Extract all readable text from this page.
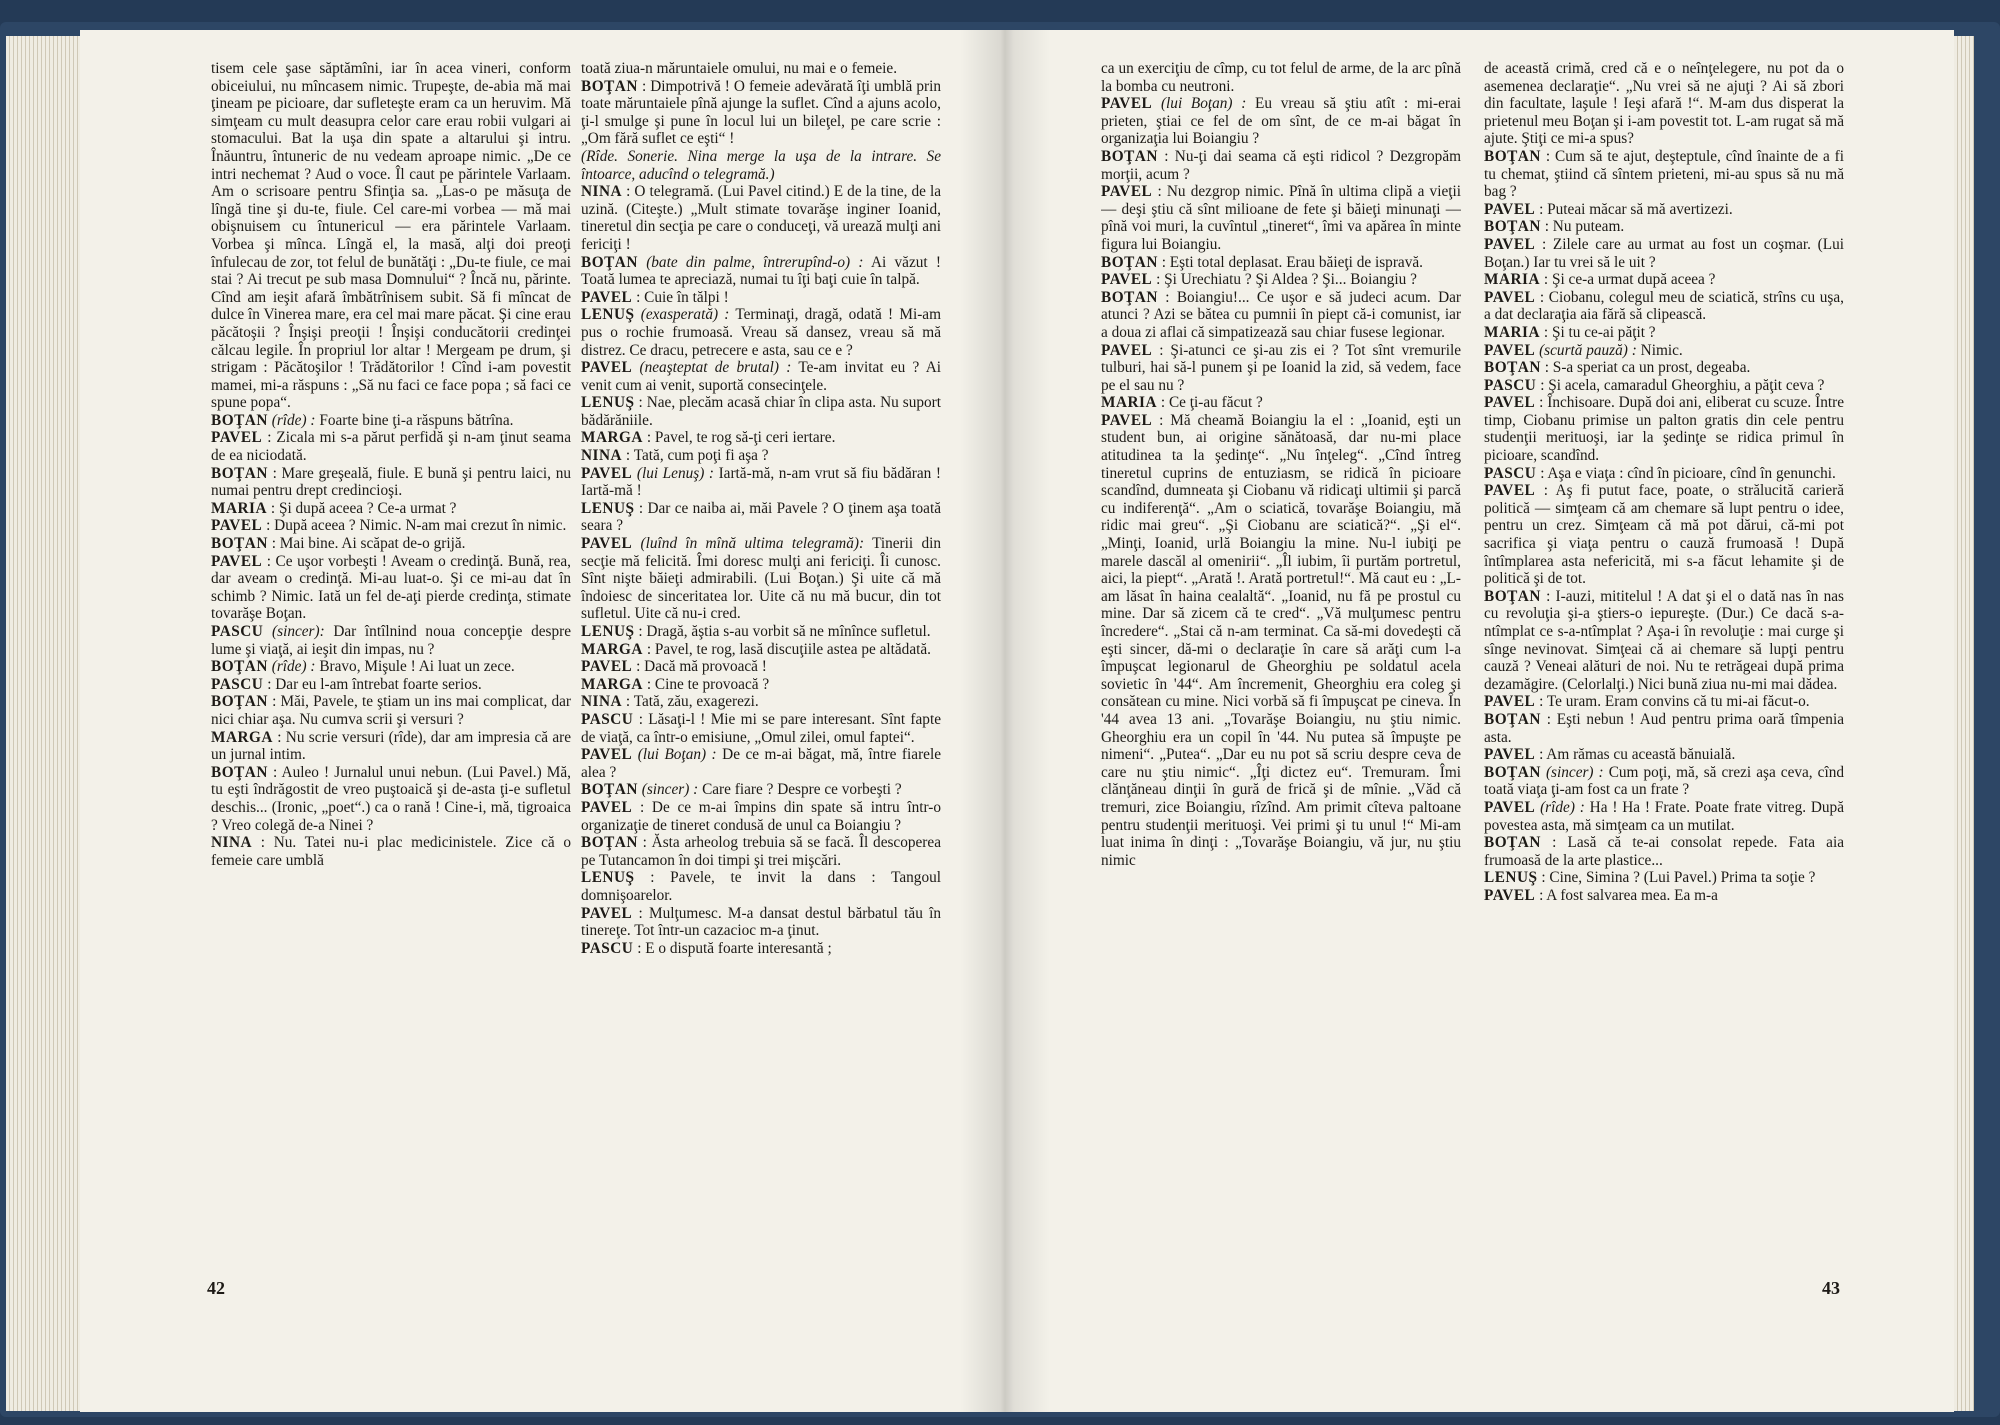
tisem cele şase săptămîni, iar în acea vineri, conform obiceiului, nu mîncasem nimic. Trupeşte, de-abia mă mai ţineam pe picioare, dar sufleteşte eram ca un heruvim. Mă simţeam cu mult deasupra celor care erau robii vulgari ai stomacului. Bat la uşa din spate a altarului şi intru. Înăuntru, întuneric de nu vedeam aproape nimic. „De ce intri nechemat ? Aud o voce. Îl caut pe părintele Varlaam. Am o scrisoare pentru Sfinţia sa. „Las-o pe măsuţa de lîngă tine şi du-te, fiule. Cel care-mi vorbea — mă mai obişnuisem cu întunericul — era părintele Varlaam. Vorbea şi mînca. Lîngă el, la masă, alţi doi preoţi înfulecau de zor, tot felul de bunătăţi : „Du-te fiule, ce mai stai ? Ai trecut pe sub masa Domnului“ ? Încă nu, părinte. Cînd am ieşit afară îmbătrînisem subit. Să fi mîncat de dulce în Vinerea mare, era cel mai mare păcat. Şi cine erau păcătoşii ? Înşişi preoţii ! Înşişi conducătorii credinţei călcau legile. În propriul lor altar ! Mergeam pe drum, şi strigam : Păcătoşilor ! Trădătorilor ! Cînd i-am povestit mamei, mi-a răspuns : „Să nu faci ce face popa ; să faci ce spune popa“.

BOŢAN (rîde) : Foarte bine ţi-a răspuns bătrîna.

PAVEL : Zicala mi s-a părut perfidă şi n-am ţinut seama de ea niciodată.

BOŢAN : Mare greşeală, fiule. E bună şi pentru laici, nu numai pentru drept credincioşi.

MARIA : Şi după aceea ? Ce-a urmat ?

PAVEL : După aceea ? Nimic. N-am mai crezut în nimic.

BOŢAN : Mai bine. Ai scăpat de-o grijă.

PAVEL : Ce uşor vorbeşti ! Aveam o credinţă. Bună, rea, dar aveam o credinţă. Mi-au luat-o. Şi ce mi-au dat în schimb ? Nimic. Iată un fel de-aţi pierde credinţa, stimate tovarăşe Boţan.

PASCU (sincer): Dar întîlnind noua concepţie despre lume şi viaţă, ai ieşit din impas, nu ?

BOŢAN (rîde) : Bravo, Mişule ! Ai luat un zece.

PASCU : Dar eu l-am întrebat foarte serios.

BOŢAN : Măi, Pavele, te ştiam un ins mai complicat, dar nici chiar aşa. Nu cumva scrii şi versuri ?

MARGA : Nu scrie versuri (rîde), dar am impresia că are un jurnal intim.

BOŢAN : Auleo ! Jurnalul unui nebun. (Lui Pavel.) Mă, tu eşti îndrăgostit de vreo puştoaică şi de-asta ţi-e sufletul deschis... (Ironic, „poet“.) ca o rană ! Cine-i, mă, tigroaica ? Vreo colegă de-a Ninei ?

NINA : Nu. Tatei nu-i plac medicinistele. Zice că o femeie care umblă

toată ziua-n măruntaiele omului, nu mai e o femeie.

BOŢAN : Dimpotrivă ! O femeie adevărată îţi umblă prin toate măruntaiele pînă ajunge la suflet. Cînd a ajuns acolo, ţi-l smulge şi pune în locul lui un bileţel, pe care scrie : „Om fără suflet ce eşti“ !

(Rîde. Sonerie. Nina merge la uşa de la intrare. Se întoarce, aducînd o telegramă.)

NINA : O telegramă. (Lui Pavel citind.) E de la tine, de la uzină. (Citeşte.) „Mult stimate tovarăşe inginer Ioanid, tineretul din secţia pe care o conduceţi, vă urează mulţi ani fericiţi !

BOŢAN (bate din palme, întrerupînd-o) : Ai văzut ! Toată lumea te apreciază, numai tu îţi baţi cuie în talpă.

PAVEL : Cuie în tălpi !

LENUŞ (exasperată) : Terminaţi, dragă, odată ! Mi-am pus o rochie frumoasă. Vreau să dansez, vreau să mă distrez. Ce dracu, petrecere e asta, sau ce e ?

PAVEL (neaşteptat de brutal) : Te-am invitat eu ? Ai venit cum ai venit, suportă consecinţele.

LENUŞ : Nae, plecăm acasă chiar în clipa asta. Nu suport bădărăniile.

MARGA : Pavel, te rog să-ţi ceri iertare.

NINA : Tată, cum poţi fi aşa ?

PAVEL (lui Lenuş) : Iartă-mă, n-am vrut să fiu bădăran ! Iartă-mă !

LENUŞ : Dar ce naiba ai, măi Pavele ? O ţinem aşa toată seara ?

PAVEL (luînd în mînă ultima telegramă): Tinerii din secţie mă felicită. Îmi doresc mulţi ani fericiţi. Îi cunosc. Sînt nişte băieţi admirabili. (Lui Boţan.) Şi uite că mă îndoiesc de sinceritatea lor. Uite că nu mă bucur, din tot sufletul. Uite că nu-i cred.

LENUŞ : Dragă, ăştia s-au vorbit să ne mînînce sufletul.

MARGA : Pavel, te rog, lasă discuţiile astea pe altădată.

PAVEL : Dacă mă provoacă !

MARGA : Cine te provoacă ?

NINA : Tată, zău, exagerezi.

PASCU : Lăsaţi-l ! Mie mi se pare interesant. Sînt fapte de viaţă, ca într-o emisiune, „Omul zilei, omul faptei“.

PAVEL (lui Boţan) : De ce m-ai băgat, mă, între fiarele alea ?

BOŢAN (sincer) : Care fiare ? Despre ce vorbeşti ?

PAVEL : De ce m-ai împins din spate să intru într-o organizaţie de tineret condusă de unul ca Boiangiu ?

BOŢAN : Ăsta arheolog trebuia să se facă. Îl descoperea pe Tutancamon în doi timpi şi trei mişcări.

LENUŞ : Pavele, te invit la dans : Tangoul domnişoarelor.

PAVEL : Mulţumesc. M-a dansat destul bărbatul tău în tinereţe. Tot într-un cazacioc m-a ţinut.

PASCU : E o dispută foarte interesantă ;

ca un exerciţiu de cîmp, cu tot felul de arme, de la arc pînă la bomba cu neutroni.

PAVEL (lui Boţan) : Eu vreau să ştiu atît : mi-erai prieten, ştiai ce fel de om sînt, de ce m-ai băgat în organizaţia lui Boiangiu ?

BOŢAN : Nu-ţi dai seama că eşti ridicol ? Dezgropăm morţii, acum ?

PAVEL : Nu dezgrop nimic. Pînă în ultima clipă a vieţii — deşi ştiu că sînt milioane de fete şi băieţi minunaţi — pînă voi muri, la cuvîntul „tineret“, îmi va apărea în minte figura lui Boiangiu.

BOŢAN : Eşti total deplasat. Erau băieţi de ispravă.

PAVEL : Şi Urechiatu ? Şi Aldea ? Şi... Boiangiu ?

BOŢAN : Boiangiu!... Ce uşor e să judeci acum. Dar atunci ? Azi se bătea cu pumnii în piept că-i comunist, iar a doua zi aflai că simpatizează sau chiar fusese legionar.

PAVEL : Şi-atunci ce şi-au zis ei ? Tot sînt vremurile tulburi, hai să-l punem şi pe Ioanid la zid, să vedem, face pe el sau nu ?

MARIA : Ce ţi-au făcut ?

PAVEL : Mă cheamă Boiangiu la el : „Ioanid, eşti un student bun, ai origine sănătoasă, dar nu-mi place atitudinea ta la şedinţe“. „Nu înţeleg“. „Cînd întreg tineretul cuprins de entuziasm, se ridică în picioare scandînd, dumneata şi Ciobanu vă ridicaţi ultimii şi parcă cu indiferenţă“. „Am o sciatică, tovarăşe Boiangiu, mă ridic mai greu“. „Şi Ciobanu are sciatică?“. „Şi el“. „Minţi, Ioanid, urlă Boiangiu la mine. Nu-l iubiţi pe marele dascăl al omenirii“. „Îl iubim, îi purtăm portretul, aici, la piept“. „Arată !. Arată portretul!“. Mă caut eu : „L-am lăsat în haina cealaltă“. „Ioanid, nu fă pe prostul cu mine. Dar să zicem că te cred“. „Vă mulţumesc pentru încredere“. „Stai că n-am terminat. Ca să-mi dovedeşti că eşti sincer, dă-mi o declaraţie în care să arăţi cum l-a împuşcat legionarul de Gheorghiu pe soldatul acela sovietic în '44“. Am încremenit, Gheorghiu era coleg şi consătean cu mine. Nici vorbă să fi împuşcat pe cineva. În '44 avea 13 ani. „Tovarăşe Boiangiu, nu ştiu nimic. Gheorghiu era un copil în '44. Nu putea să împuşte pe nimeni“. „Puteа“. „Dar eu nu pot să scriu despre ceva de care nu ştiu nimic“. „Îţi dictez eu“. Tremuram. Îmi clănţăneau dinţii în gură de frică şi de mînie. „Văd că tremuri, zice Boiangiu, rîzînd. Am primit cîteva paltoane pentru studenţii merituoşi. Vei primi şi tu unul !“ Mi-am luat inima în dinţi : „Tovarăşe Boiangiu, vă jur, nu ştiu nimic

de această crimă, cred că e o neînţelegere, nu pot da o asemenea declaraţie“. „Nu vrei să ne ajuţi ? Ai să zbori din facultate, laşule ! Ieşi afară !“. M-am dus disperat la prietenul meu Boţan şi i-am povestit tot. L-am rugat să mă ajute. Ştiţi ce mi-a spus?

BOŢAN : Cum să te ajut, deşteptule, cînd înainte de a fi tu chemat, ştiind că sîntem prieteni, mi-au spus să nu mă bag ?

PAVEL : Puteai măcar să mă avertizezi.

BOŢAN : Nu puteam.

PAVEL : Zilele care au urmat au fost un coşmar. (Lui Boţan.) Iar tu vrei să le uit ?

MARIA : Şi ce-a urmat după aceea ?

PAVEL : Ciobanu, colegul meu de sciatică, strîns cu uşa, a dat declaraţia aia fără să clipească.

MARIA : Şi tu ce-ai păţit ?

PAVEL (scurtă pauză) : Nimic.

BOŢAN : S-a speriat ca un prost, degeaba.

PASCU : Şi acela, camaradul Gheorghiu, a păţit ceva ?

PAVEL : Închisoare. După doi ani, eliberat cu scuze. Între timp, Ciobanu primise un palton gratis din cele pentru studenţii merituoşi, iar la şedinţe se ridica primul în picioare, scandînd.

PASCU : Aşa e viaţa : cînd în picioare, cînd în genunchi.

PAVEL : Aş fi putut face, poate, o strălucită carieră politică — simţeam că am chemare să lupt pentru o idee, pentru un crez. Simţeam că mă pot dărui, că-mi pot sacrifica şi viaţa pentru o cauză frumoasă ! După întîmplarea asta nefericită, mi s-a făcut lehamite şi de politică şi de tot.

BOŢAN : I-auzi, mititelul ! A dat şi el o dată nas în nas cu revoluţia şi-a ştiers-o iepureşte. (Dur.) Ce dacă s-a-ntîmplat ce s-a-ntîmplat ? Aşa-i în revoluţie : mai curge şi sînge nevinovat. Simţeai că ai chemare să lupţi pentru cauză ? Veneai alături de noi. Nu te retrăgeai după prima dezamăgire. (Celorlalţi.) Nici bună ziua nu-mi mai dădea.

PAVEL : Te uram. Eram convins că tu mi-ai făcut-o.

BOŢAN : Eşti nebun ! Aud pentru prima oară tîmpenia asta.

PAVEL : Am rămas cu această bănuială.

BOŢAN (sincer) : Cum poţi, mă, să crezi aşa ceva, cînd toată viaţa ţi-am fost ca un frate ?

PAVEL (rîde) : Ha ! Ha ! Frate. Poate frate vitreg. După povestea asta, mă simţeam ca un mutilat.

BOŢAN : Lasă că te-ai consolat repede. Fata aia frumoasă de la arte plastice...

LENUŞ : Cine, Simina ? (Lui Pavel.) Prima ta soţie ?

PAVEL : A fost salvarea mea. Ea m-a

42	43
